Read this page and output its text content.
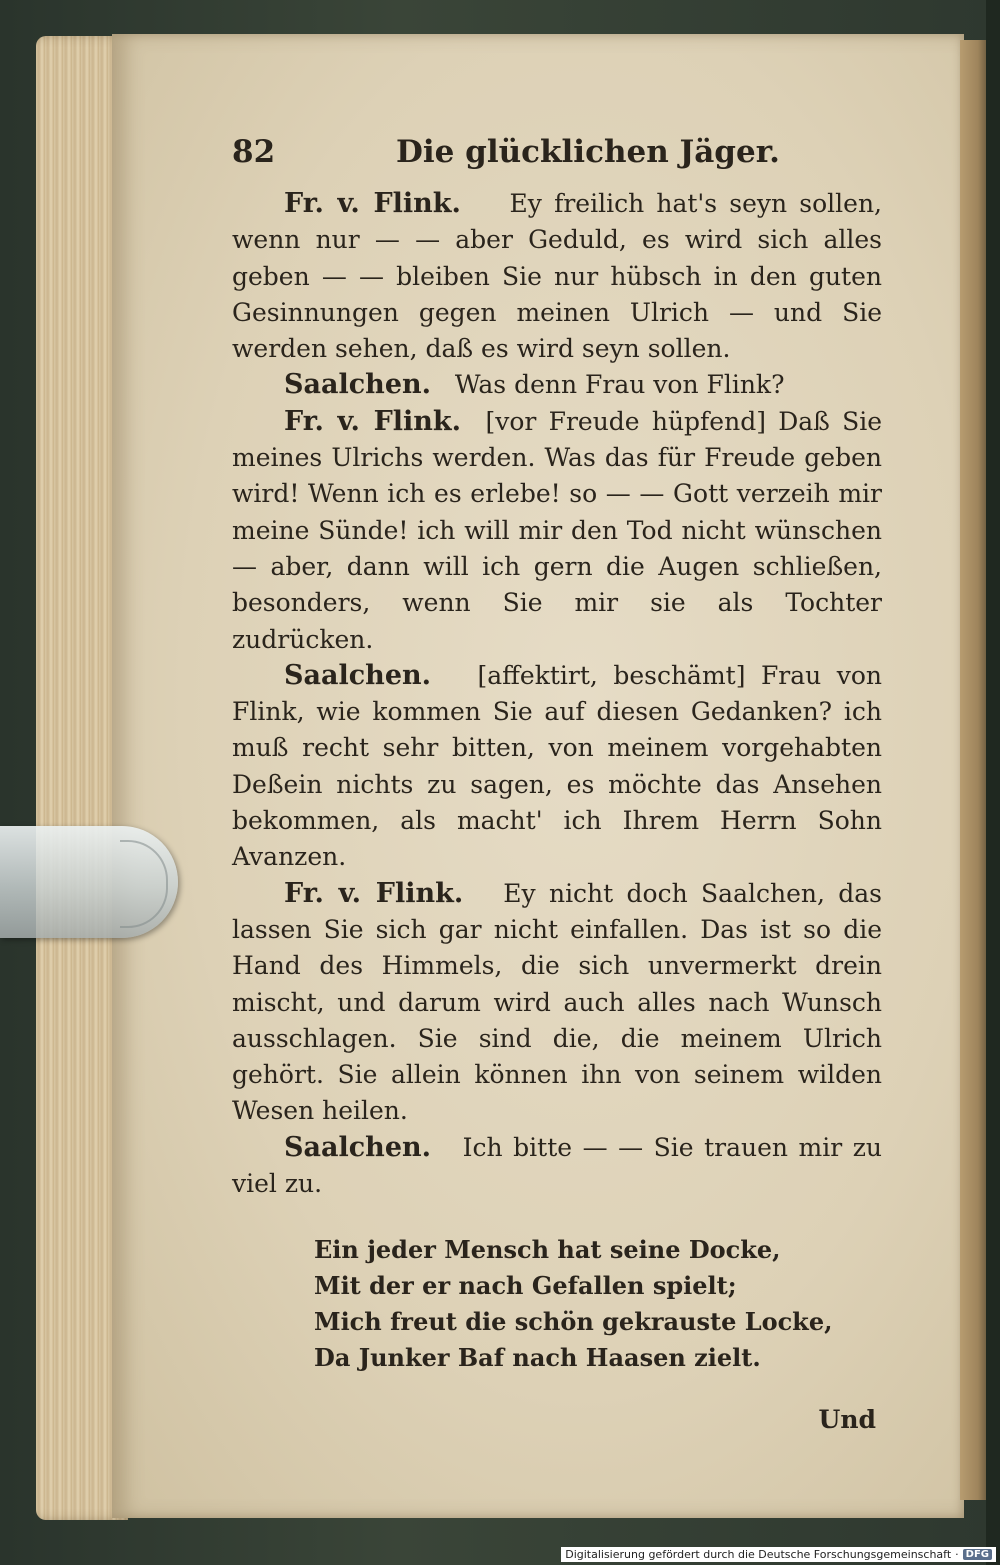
82	Die glücklichen Jäger.

Fr. v. Flink. Ey freilich hat's seyn sollen, wenn nur — — aber Geduld, es wird sich alles geben — — bleiben Sie nur hübsch in den guten Gesinnungen gegen meinen Ulrich — und Sie werden sehen, daß es wird seyn sollen.

Saalchen. Was denn Frau von Flink?

Fr. v. Flink. [vor Freude hüpfend] Daß Sie meines Ulrichs werden. Was das für Freude geben wird! Wenn ich es erlebe! so — — Gott verzeih mir meine Sünde! ich will mir den Tod nicht wünschen — aber, dann will ich gern die Augen schließen, besonders, wenn Sie mir sie als Tochter zudrücken.

Saalchen. [affektirt, beschämt] Frau von Flink, wie kommen Sie auf diesen Gedanken? ich muß recht sehr bitten, von meinem vorgehabten Deßein nichts zu sagen, es möchte das Ansehen bekommen, als macht' ich Ihrem Herrn Sohn Avanzen.

Fr. v. Flink. Ey nicht doch Saalchen, das lassen Sie sich gar nicht einfallen. Das ist so die Hand des Himmels, die sich unvermerkt drein mischt, und darum wird auch alles nach Wunsch ausschlagen. Sie sind die, die meinem Ulrich gehört. Sie allein können ihn von seinem wilden Wesen heilen.

Saalchen. Ich bitte — — Sie trauen mir zu viel zu.

Ein jeder Mensch hat seine Docke,
Mit der er nach Gefallen spielt;
Mich freut die schön gekrauste Locke,
Da Junker Baf nach Haasen zielt.
Und
Digitalisierung gefördert durch die Deutsche Forschungsgemeinschaft · DFG
